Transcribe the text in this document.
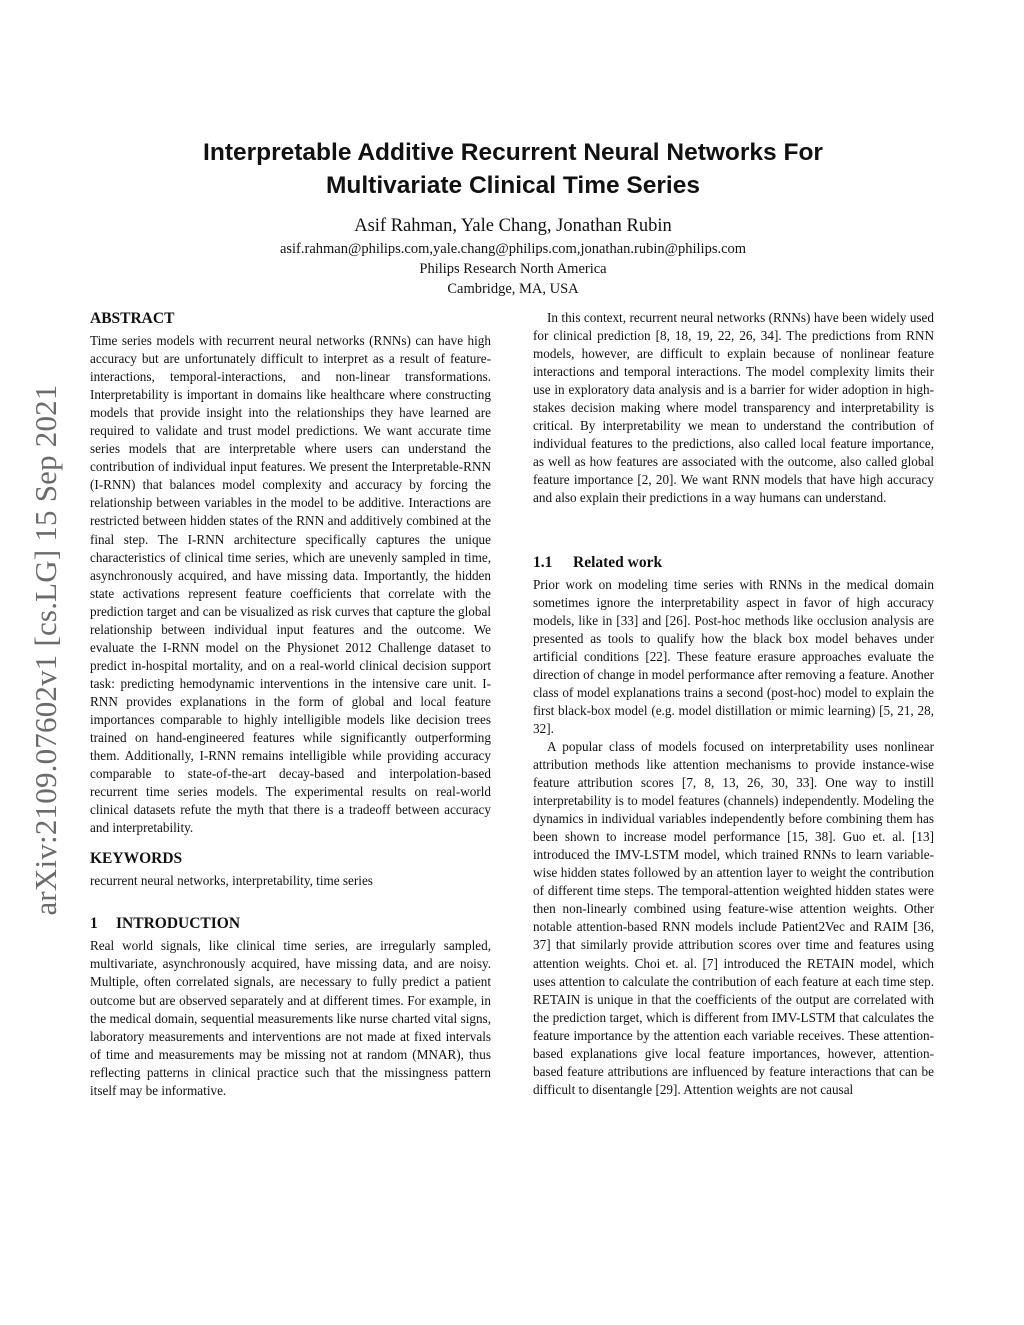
arXiv:2109.07602v1 [cs.LG] 15 Sep 2021
Interpretable Additive Recurrent Neural Networks For
Multivariate Clinical Time Series
Asif Rahman, Yale Chang, Jonathan Rubin
asif.rahman@philips.com,yale.chang@philips.com,jonathan.rubin@philips.com
Philips Research North America
Cambridge, MA, USA
ABSTRACT

Time series models with recurrent neural networks (RNNs) can have high accuracy but are unfortunately difficult to interpret as a result of feature-interactions, temporal-interactions, and non-linear transformations. Interpretability is important in domains like healthcare where constructing models that provide insight into the relationships they have learned are required to validate and trust model predictions. We want accurate time series models that are interpretable where users can understand the contribution of individual input features. We present the Interpretable-RNN (I-RNN) that balances model complexity and accuracy by forcing the relationship between variables in the model to be additive. Interactions are restricted between hidden states of the RNN and additively combined at the final step. The I-RNN architecture specifically captures the unique characteristics of clinical time series, which are unevenly sampled in time, asynchronously acquired, and have missing data. Importantly, the hidden state activations represent feature coefficients that correlate with the prediction target and can be visualized as risk curves that capture the global relationship between individual input features and the outcome. We evaluate the I-RNN model on the Physionet 2012 Challenge dataset to predict in-hospital mortality, and on a real-world clinical decision support task: predicting hemodynamic interventions in the intensive care unit. I-RNN provides explanations in the form of global and local feature importances comparable to highly intelligible models like decision trees trained on hand-engineered features while significantly outperforming them. Additionally, I-RNN remains intelligible while providing accuracy comparable to state-of-the-art decay-based and interpolation-based recurrent time series models. The experimental results on real-world clinical datasets refute the myth that there is a tradeoff between accuracy and interpretability.

KEYWORDS

recurrent neural networks, interpretability, time series

1 INTRODUCTION

Real world signals, like clinical time series, are irregularly sampled, multivariate, asynchronously acquired, have missing data, and are noisy. Multiple, often correlated signals, are necessary to fully predict a patient outcome but are observed separately and at different times. For example, in the medical domain, sequential measurements like nurse charted vital signs, laboratory measurements and interventions are not made at fixed intervals of time and measurements may be missing not at random (MNAR), thus reflecting patterns in clinical practice such that the missingness pattern itself may be informative.

In this context, recurrent neural networks (RNNs) have been widely used for clinical prediction [8, 18, 19, 22, 26, 34]. The predictions from RNN models, however, are difficult to explain because of nonlinear feature interactions and temporal interactions. The model complexity limits their use in exploratory data analysis and is a barrier for wider adoption in high-stakes decision making where model transparency and interpretability is critical. By interpretability we mean to understand the contribution of individual features to the predictions, also called local feature importance, as well as how features are associated with the outcome, also called global feature importance [2, 20]. We want RNN models that have high accuracy and also explain their predictions in a way humans can understand.

1.1 Related work

Prior work on modeling time series with RNNs in the medical domain sometimes ignore the interpretability aspect in favor of high accuracy models, like in [33] and [26]. Post-hoc methods like occlusion analysis are presented as tools to qualify how the black box model behaves under artificial conditions [22]. These feature erasure approaches evaluate the direction of change in model performance after removing a feature. Another class of model explanations trains a second (post-hoc) model to explain the first black-box model (e.g. model distillation or mimic learning) [5, 21, 28, 32].

A popular class of models focused on interpretability uses nonlinear attribution methods like attention mechanisms to provide instance-wise feature attribution scores [7, 8, 13, 26, 30, 33]. One way to instill interpretability is to model features (channels) independently. Modeling the dynamics in individual variables independently before combining them has been shown to increase model performance [15, 38]. Guo et. al. [13] introduced the IMV-LSTM model, which trained RNNs to learn variable-wise hidden states followed by an attention layer to weight the contribution of different time steps. The temporal-attention weighted hidden states were then non-linearly combined using feature-wise attention weights. Other notable attention-based RNN models include Patient2Vec and RAIM [36, 37] that similarly provide attribution scores over time and features using attention weights. Choi et. al. [7] introduced the RETAIN model, which uses attention to calculate the contribution of each feature at each time step. RETAIN is unique in that the coefficients of the output are correlated with the prediction target, which is different from IMV-LSTM that calculates the feature importance by the attention each variable receives. These attention-based explanations give local feature importances, however, attention-based feature attributions are influenced by feature interactions that can be difficult to disentangle [29]. Attention weights are not causal
